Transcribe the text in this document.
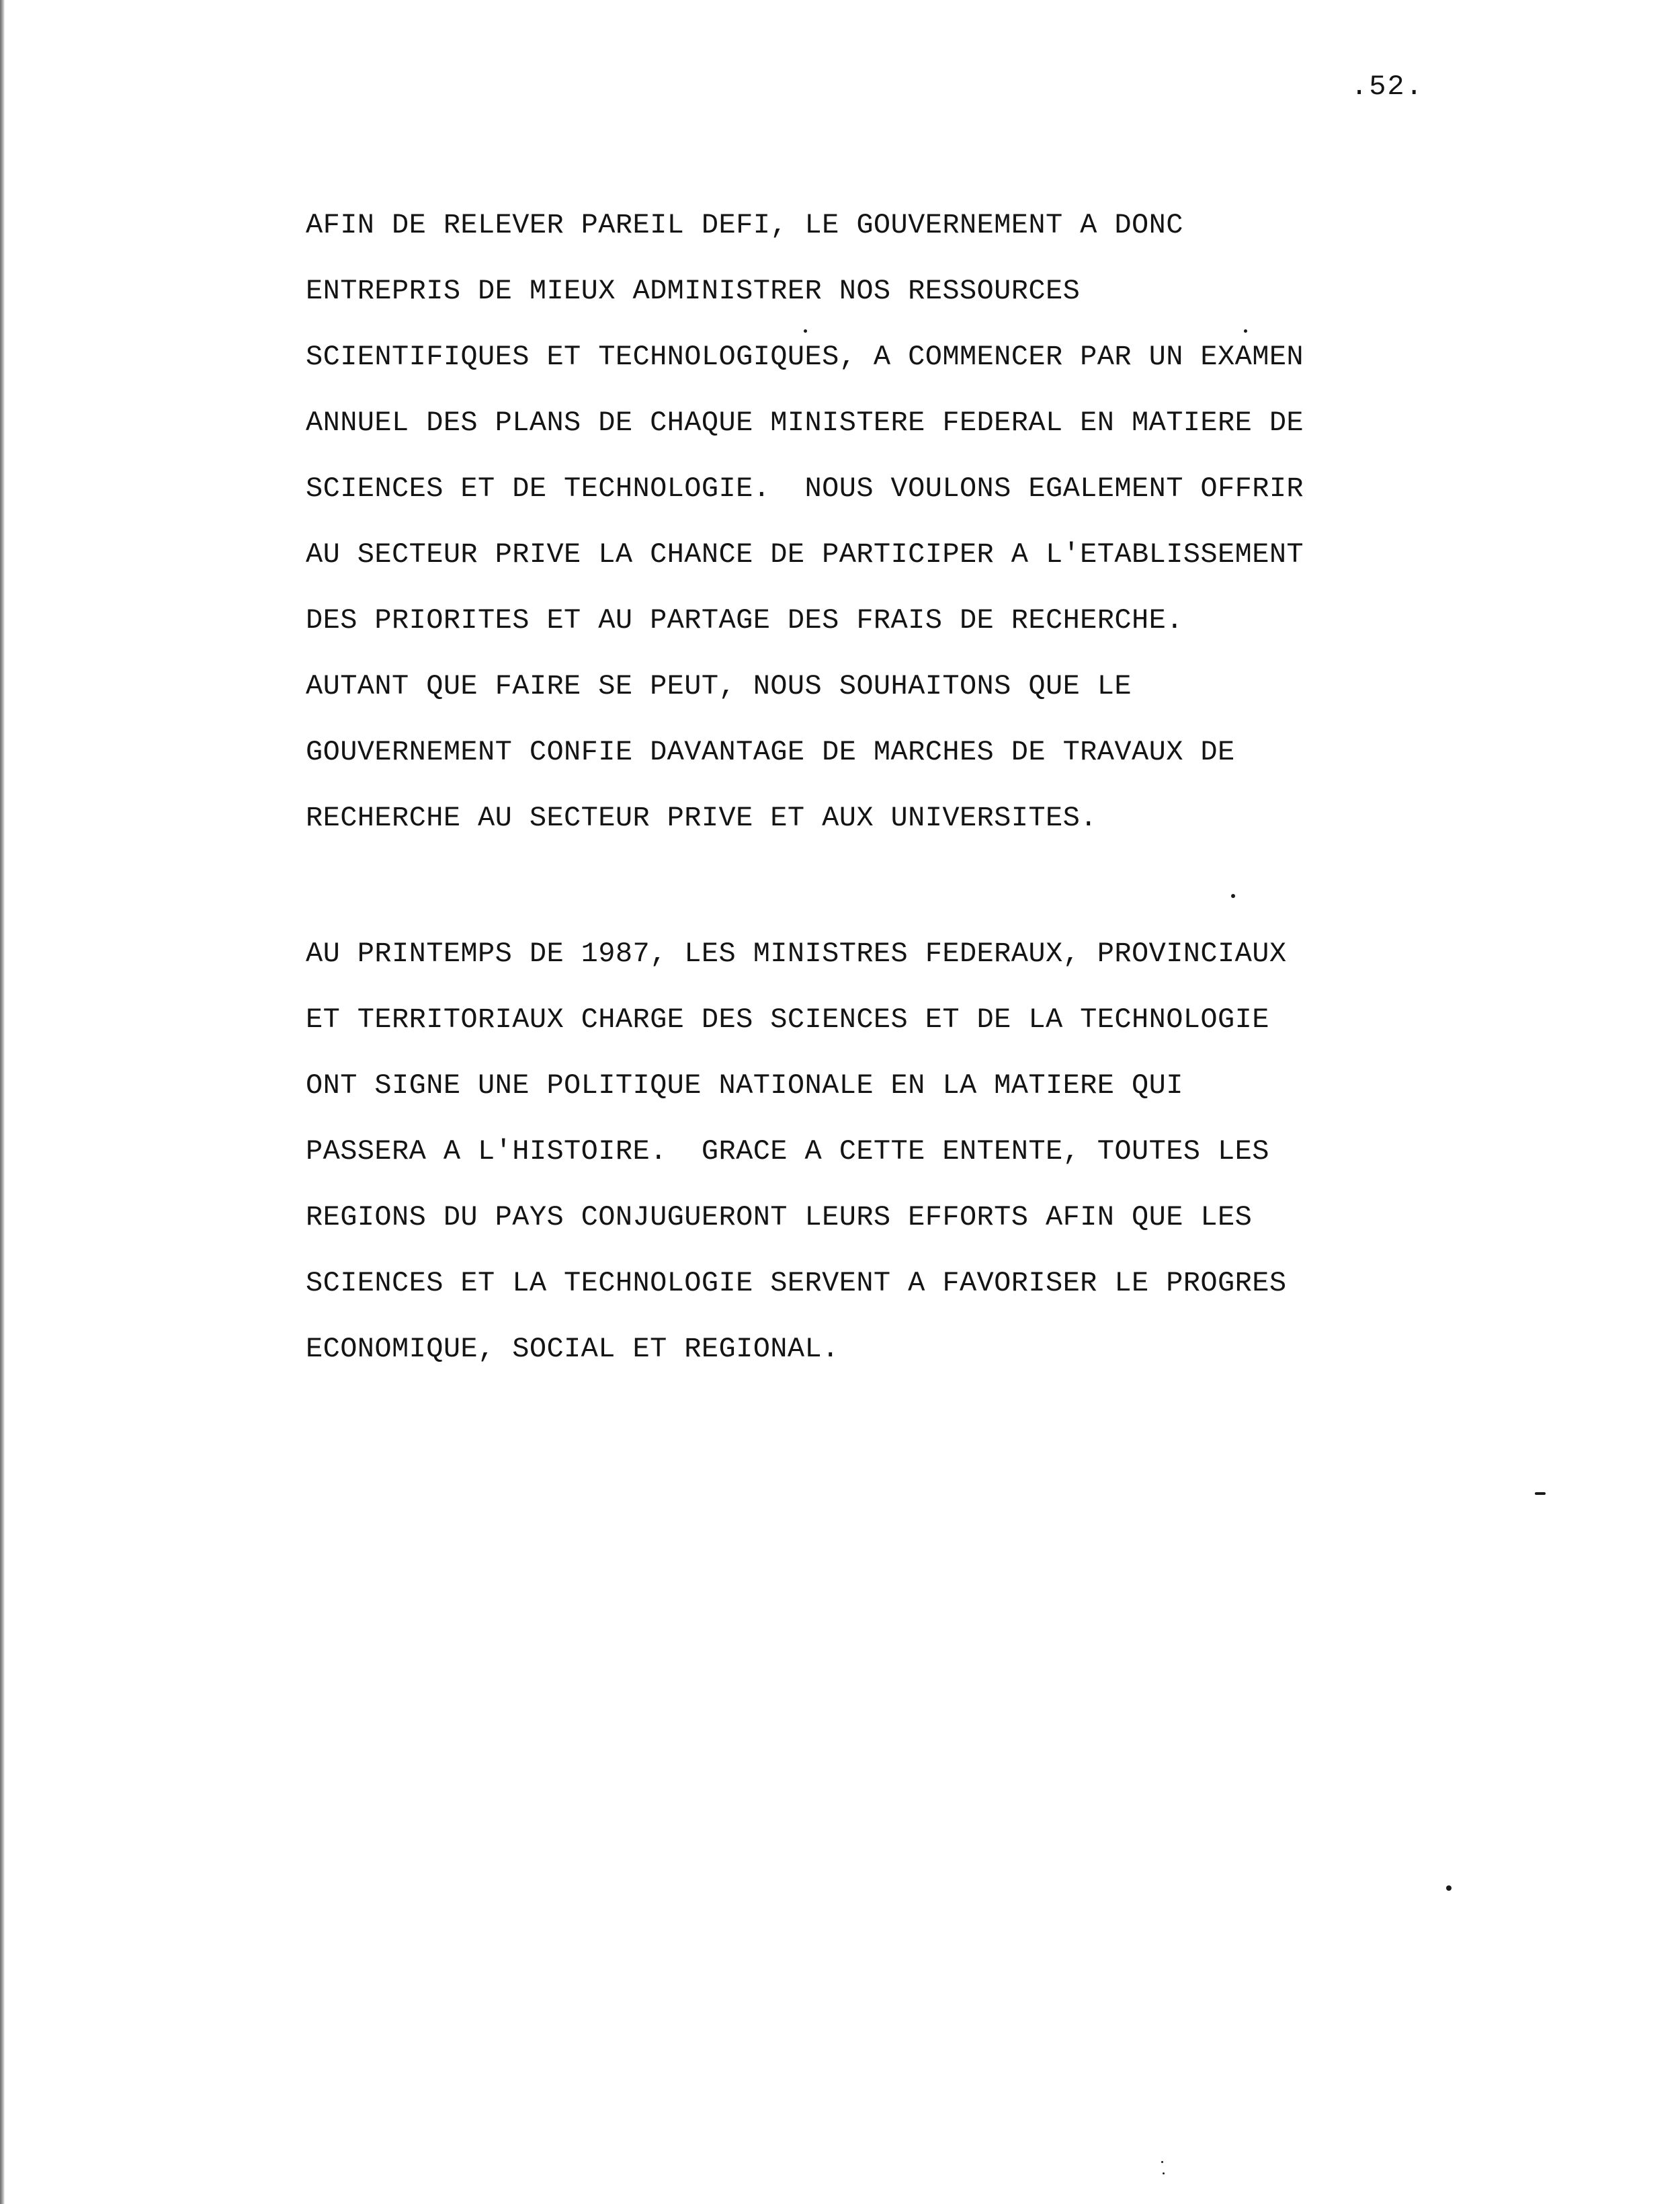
.52.
AFIN DE RELEVER PAREIL DEFI, LE GOUVERNEMENT A DONC
ENTREPRIS DE MIEUX ADMINISTRER NOS RESSOURCES
SCIENTIFIQUES ET TECHNOLOGIQUES, A COMMENCER PAR UN EXAMEN
ANNUEL DES PLANS DE CHAQUE MINISTERE FEDERAL EN MATIERE DE
SCIENCES ET DE TECHNOLOGIE.  NOUS VOULONS EGALEMENT OFFRIR
AU SECTEUR PRIVE LA CHANCE DE PARTICIPER A L'ETABLISSEMENT
DES PRIORITES ET AU PARTAGE DES FRAIS DE RECHERCHE.
AUTANT QUE FAIRE SE PEUT, NOUS SOUHAITONS QUE LE
GOUVERNEMENT CONFIE DAVANTAGE DE MARCHES DE TRAVAUX DE
RECHERCHE AU SECTEUR PRIVE ET AUX UNIVERSITES.
AU PRINTEMPS DE 1987, LES MINISTRES FEDERAUX, PROVINCIAUX
ET TERRITORIAUX CHARGE DES SCIENCES ET DE LA TECHNOLOGIE
ONT SIGNE UNE POLITIQUE NATIONALE EN LA MATIERE QUI
PASSERA A L'HISTOIRE.  GRACE A CETTE ENTENTE, TOUTES LES
REGIONS DU PAYS CONJUGUERONT LEURS EFFORTS AFIN QUE LES
SCIENCES ET LA TECHNOLOGIE SERVENT A FAVORISER LE PROGRES
ECONOMIQUE, SOCIAL ET REGIONAL.
